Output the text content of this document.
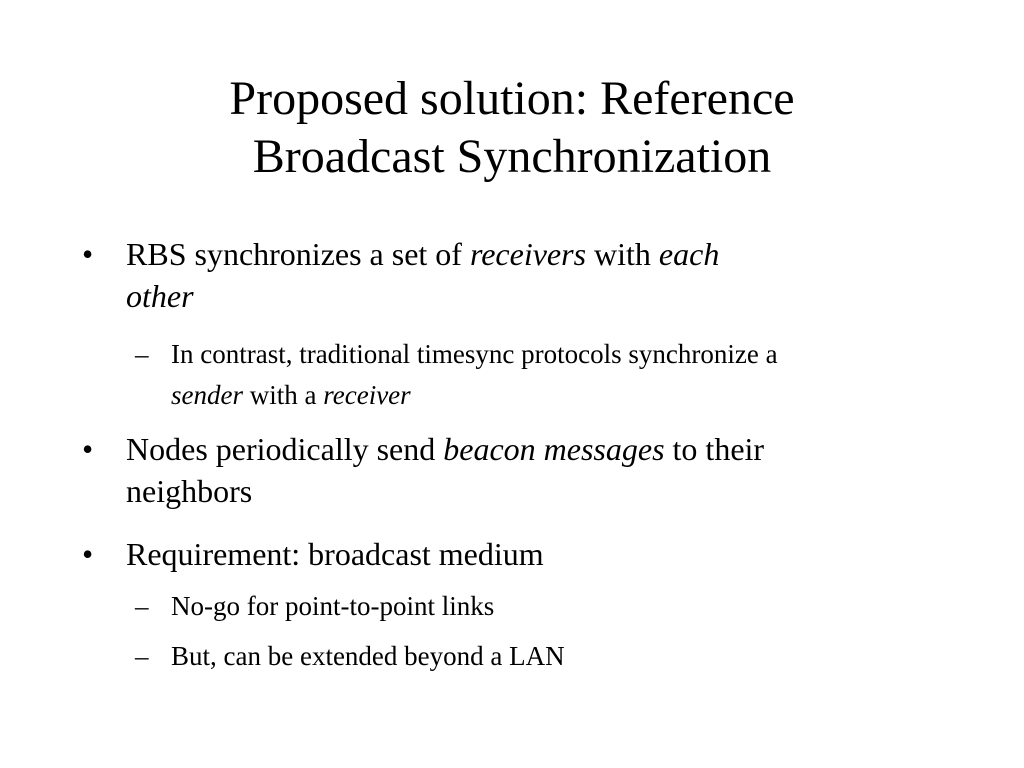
Proposed solution: Reference
Broadcast Synchronization
• RBS synchronizes a set of receivers with each
other
– In contrast, traditional timesync protocols synchronize a
sender with a receiver
• Nodes periodically send beacon messages to their
neighbors
• Requirement: broadcast medium
– No-go for point-to-point links
– But, can be extended beyond a LAN
